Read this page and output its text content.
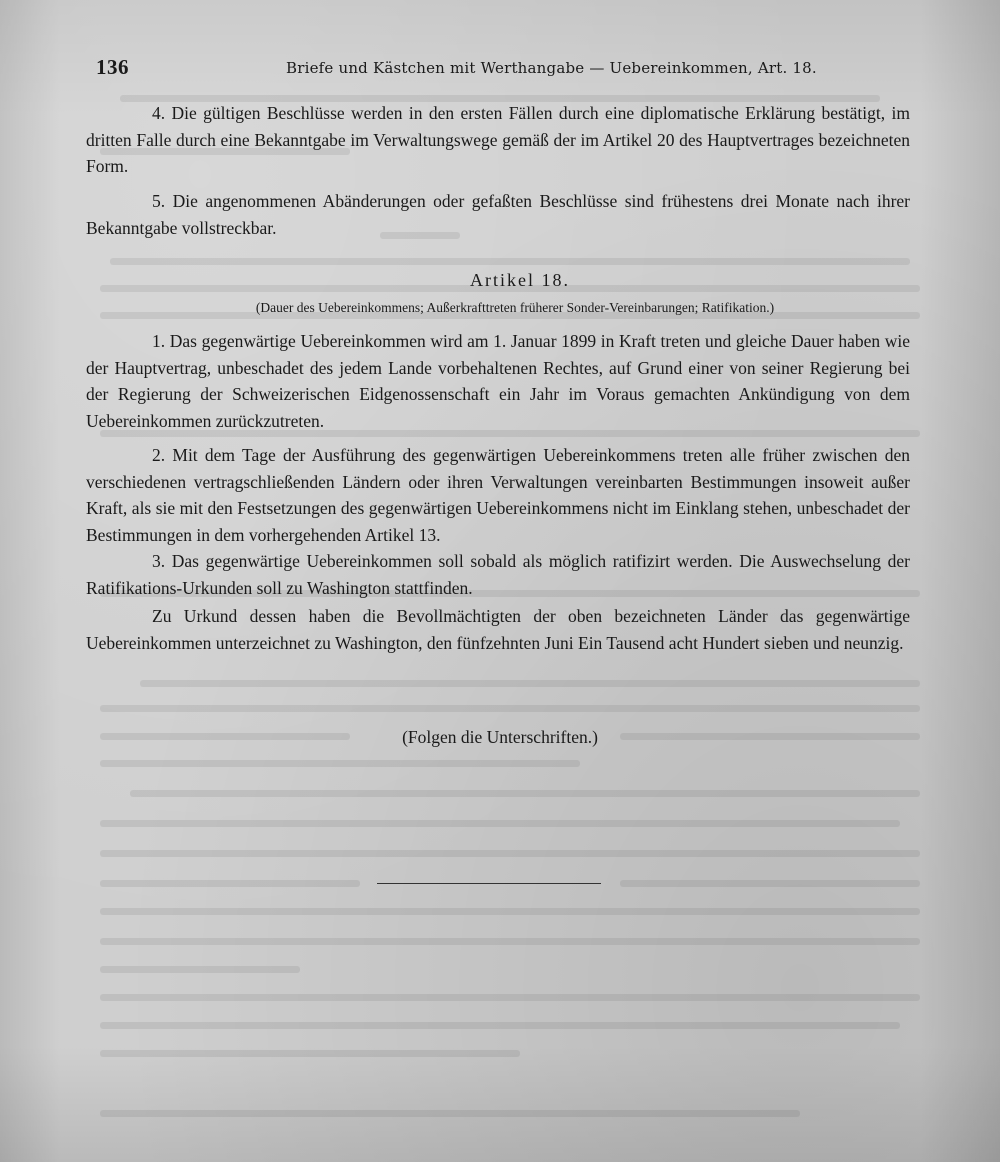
136	Briefe und Kästchen mit Werthangabe — Uebereinkommen, Art. 18.

4. Die gültigen Beschlüsse werden in den ersten Fällen durch eine diplomatische Erklärung bestätigt, im dritten Falle durch eine Bekanntgabe im Verwaltungswege gemäß der im Artikel 20 des Hauptvertrages bezeichneten Form.

5. Die angenommenen Abänderungen oder gefaßten Beschlüsse sind frühestens drei Monate nach ihrer Bekanntgabe vollstreckbar.

Artikel 18.

(Dauer des Uebereinkommens; Außerkrafttreten früherer Sonder-Vereinbarungen; Ratifikation.)

1. Das gegenwärtige Uebereinkommen wird am 1. Januar 1899 in Kraft treten und gleiche Dauer haben wie der Hauptvertrag, unbeschadet des jedem Lande vorbehaltenen Rechtes, auf Grund einer von seiner Regierung bei der Regierung der Schweizerischen Eidgenossenschaft ein Jahr im Voraus gemachten Ankündigung von dem Uebereinkommen zurückzutreten.

2. Mit dem Tage der Ausführung des gegenwärtigen Uebereinkommens treten alle früher zwischen den verschiedenen vertragschließenden Ländern oder ihren Verwaltungen vereinbarten Bestimmungen insoweit außer Kraft, als sie mit den Festsetzungen des gegenwärtigen Uebereinkommens nicht im Einklang stehen, unbeschadet der Bestimmungen in dem vorhergehenden Artikel 13.

3. Das gegenwärtige Uebereinkommen soll sobald als möglich ratifizirt werden. Die Auswechselung der Ratifikations-Urkunden soll zu Washington stattfinden.

Zu Urkund dessen haben die Bevollmächtigten der oben bezeichneten Länder das gegenwärtige Uebereinkommen unterzeichnet zu Washington, den fünfzehnten Juni Ein Tausend acht Hundert sieben und neunzig.

(Folgen die Unterschriften.)
